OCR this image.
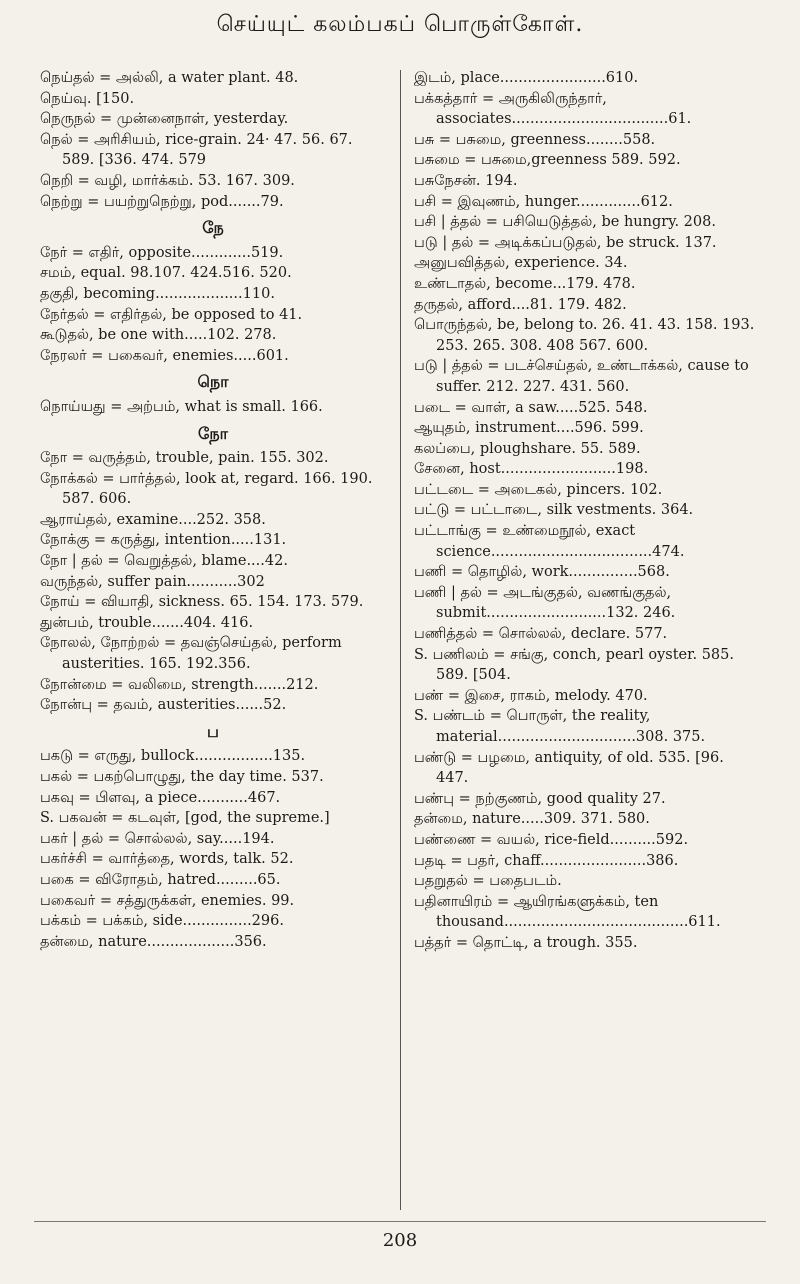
செய்யுட் கலம்பகப் பொருள்கோள்.

நெய்தல் = அல்லி, a water plant. 48.

நெய்வு. [150.

நெருநல் = முன்னைநாள், yesterday.

நெல் = அரிசியம், rice-grain. 24· 47. 56. 67. 589. [336. 474. 579

நெறி = வழி, மார்க்கம். 53. 167. 309.

நெற்று = பயற்றுநெற்று, pod.......79.

நே

நேர் = எதிர், opposite.............519.

சமம், equal. 98.107. 424.516. 520.

தகுதி, becoming...................110.

நேர்தல் = எதிர்தல், be opposed to 41.

கூடுதல், be one with.....102. 278.

நேரலர் = பகைவர், enemies.....601.

நொ

நொய்யது = அற்பம், what is small. 166.

நோ

நோ = வருத்தம், trouble, pain. 155. 302.

நோக்கல் = பார்த்தல், look at, regard. 166. 190. 587. 606.

ஆராய்தல், examine....252. 358.

நோக்கு = கருத்து, intention.....131.

நோ | தல் = வெறுத்தல், blame....42.

வருந்தல், suffer pain...........302

நோய் = வியாதி, sickness. 65. 154. 173. 579.

துன்பம், trouble.......404. 416.

நோலல், நோற்றல் = தவஞ்செய்தல், perform austerities. 165. 192.356.

நோன்மை = வலிமை, strength.......212.

நோன்பு = தவம், austerities......52.

ப

பகடு = எருது, bullock.................135.

பகல் = பகற்பொழுது, the day time. 537.

பகவு = பிளவு, a piece...........467.

S. பகவன் = கடவுள், [god, the supreme.]

பகர் | தல் = சொல்லல், say.....194.

பகர்ச்சி = வார்த்தை, words, talk. 52.

பகை = விரோதம், hatred.........65.

பகைவர் = சத்துருக்கள், enemies. 99.

பக்கம் = பக்கம், side...............296.

தன்மை, nature...................356.

இடம், place.......................610.

பக்கத்தார் = அருகிலிருந்தார், associates..................................61.

பசு = பசுமை, greenness........558.

பசுமை = பசுமை,greenness 589. 592.

பசுநேசன். 194.

பசி = இவுணம், hunger..............612.

பசி | த்தல் = பசியெடுத்தல், be hungry. 208.

படு | தல் = அடிக்கப்படுதல், be struck. 137.

அனுபவித்தல், experience. 34.

உண்டாதல், become...179. 478.

தருதல், afford....81. 179. 482.

பொருந்தல், be, belong to. 26. 41. 43. 158. 193. 253. 265. 308. 408 567. 600.

படு | த்தல் = படச்செய்தல், உண்டாக்கல், cause to suffer. 212. 227. 431. 560.

படை = வாள், a saw.....525. 548.

ஆயுதம், instrument....596. 599.

கலப்பை, ploughshare. 55. 589.

சேனை, host.........................198.

பட்டடை = அடைகல், pincers. 102.

பட்டு = பட்டாடை, silk vestments. 364.

பட்டாங்கு = உண்மைநூல், exact science...................................474.

பணி = தொழில், work...............568.

பணி | தல் = அடங்குதல், வணங்குதல், submit..........................132. 246.

பணித்தல் = சொல்லல், declare. 577.

S. பணிலம் = சங்கு, conch, pearl oyster. 585. 589. [504.

பண் = இசை, ராகம், melody. 470.

S. பண்டம் = பொருள், the reality, material..............................308. 375.

பண்டு = பழமை, antiquity, of old. 535. [96. 447.

பண்பு = நற்குணம், good quality 27.

தன்மை, nature.....309. 371. 580.

பண்ணை = வயல், rice-field..........592.

பதடி = பதர், chaff.......................386.

பதறுதல் = பதைபடம்.

பதினாயிரம் = ஆயிரங்களுக்கம், ten thousand........................................611.

பத்தர் = தொட்டி, a trough. 355.

208
